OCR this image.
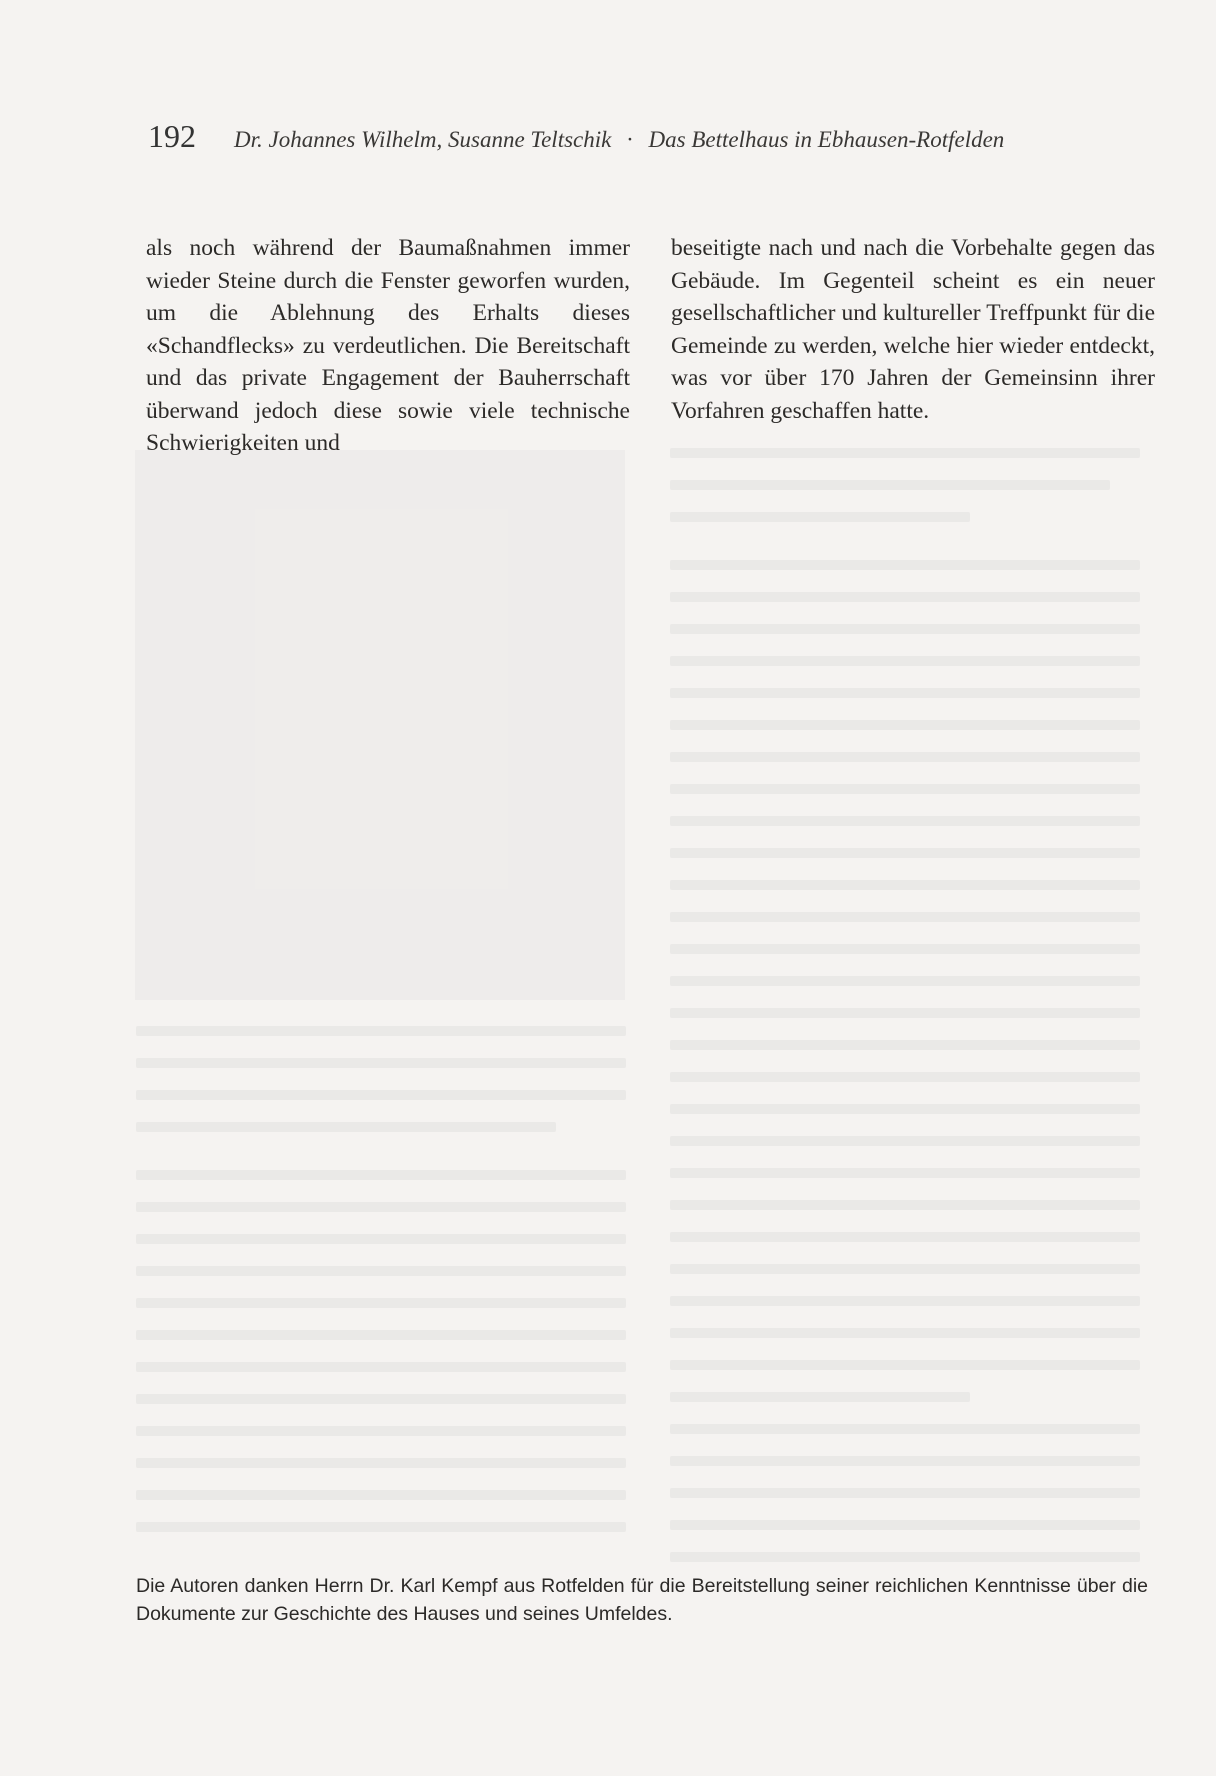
192 Dr. Johannes Wilhelm, Susanne Teltschik · Das Bettelhaus in Ebhausen-Rotfelden

als noch während der Baumaßnahmen immer wieder Steine durch die Fenster geworfen wurden, um die Ablehnung des Erhalts dieses «Schandflecks» zu verdeutlichen. Die Bereitschaft und das private Engagement der Bauherrschaft überwand jedoch diese sowie viele technische Schwierigkeiten und

beseitigte nach und nach die Vorbehalte gegen das Gebäude. Im Gegenteil scheint es ein neuer gesellschaftlicher und kultureller Treffpunkt für die Gemeinde zu werden, welche hier wieder entdeckt, was vor über 170 Jahren der Gemeinsinn ihrer Vorfahren geschaffen hatte.

Die Autoren danken Herrn Dr. Karl Kempf aus Rotfelden für die Bereitstellung seiner reichlichen Kenntnisse über die Dokumente zur Geschichte des Hauses und seines Umfeldes.
